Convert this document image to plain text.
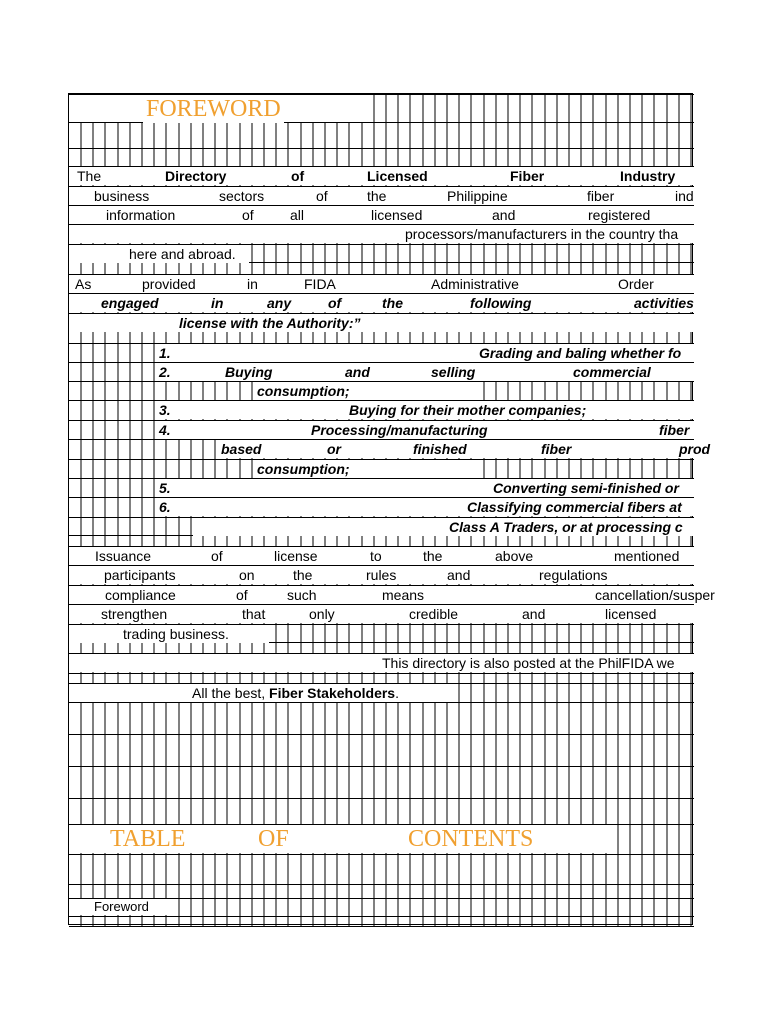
FOREWORD
The	Directory	of	Licensed	Fiber	Industry
business	sectors	of	the	Philippine	fiber	ind
information	of	all	licensed	and	registered
processors/manufacturers in the country tha
here and abroad.
As	provided	in	FIDA	Administrative	Order
engaged	in	any	of	the	following	activities
license with the Authority:”
1.	Grading and baling whether fo
2.	Buying	and	selling	commercial
consumption;
3.	Buying for their mother companies;
4.	Processing/manufacturing	fiber
based	or	finished	fiber	prod
consumption;
5.	Converting semi-finished or
6.	Classifying commercial fibers at
Class A Traders, or at processing c
Issuance	of	license	to	the	above	mentioned
participants	on	the	rules	and	regulations
compliance	of	such	means	cancellation/susper
strengthen	that	only	credible	and	licensed
trading business.
This directory is also posted at the PhilFIDA we
All the best, Fiber Stakeholders.
TABLE	OF	CONTENTS
Foreword
